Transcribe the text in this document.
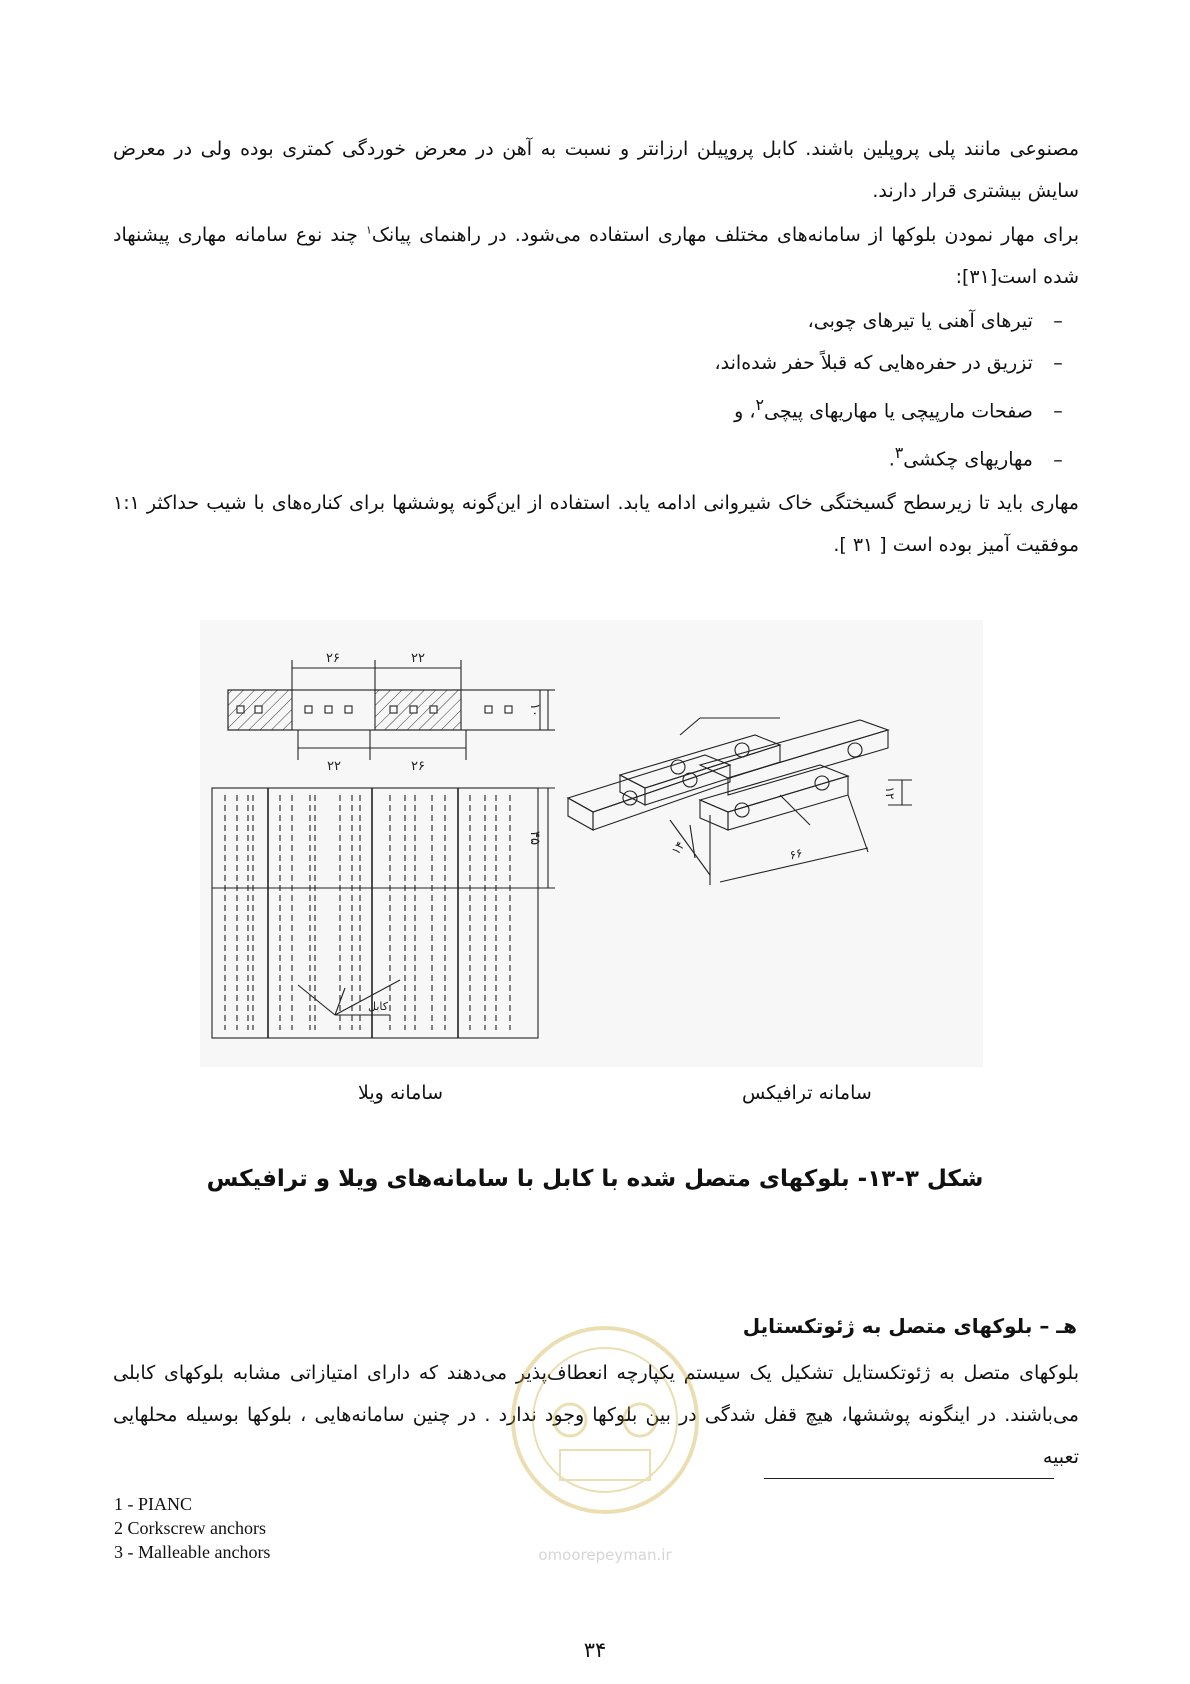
مصنوعی مانند پلی پروپلین باشند. کابل پروپیلن ارزانتر و نسبت به آهن در معرض خوردگی کمتری بوده ولی در معرض سایش بیشتری قرار دارند.
برای مهار نمودن بلوکها از سامانه‌های مختلف مهاری استفاده می‌شود. در راهنمای پیانک$^۱$ چند نوع سامانه مهاری پیشنهاد شده است[۳۱]:
– تیرهای آهنی یا تیرهای چوبی،
– تزریق در حفره‌هایی که قبلاً حفر شده‌اند،
– صفحات مارپیچی یا مهاریهای پیچی$^۲$، و
– مهاریهای چکشی$^۳$.
مهاری باید تا زیرسطح گسیختگی خاک شیروانی ادامه یابد. استفاده از این‌گونه پوششها برای کناره‌های با شیب حداکثر ۱:۱ موفقیت آمیز بوده است [ ۳۱ ].
۲۶	۲۲
۲۲	۲۶
۱۰
۴۵
کابل
۱۲
۱۴	۶۶
سامانه ویلا	سامانه ترافیکس
شکل ۳-۱۳- بلوکهای متصل شده با کابل با سامانه‌های ویلا و ترافیکس
هـ – بلوکهای متصل به ژئوتکستایل
بلوکهای متصل به ژئوتکستایل تشکیل یک سیستم یکپارچه انعطاف‌پذیر می‌دهند که دارای امتیازاتی مشابه بلوکهای کابلی می‌باشند. در اینگونه پوششها، هیچ قفل شدگی در بین بلوکها وجود ندارد . در چنین سامانه‌هایی ، بلوکها بوسیله محلهایی تعبیه
1 - PIANC
2 Corkscrew anchors
3 - Malleable anchors	omoorepeyman.ir
۳۴
